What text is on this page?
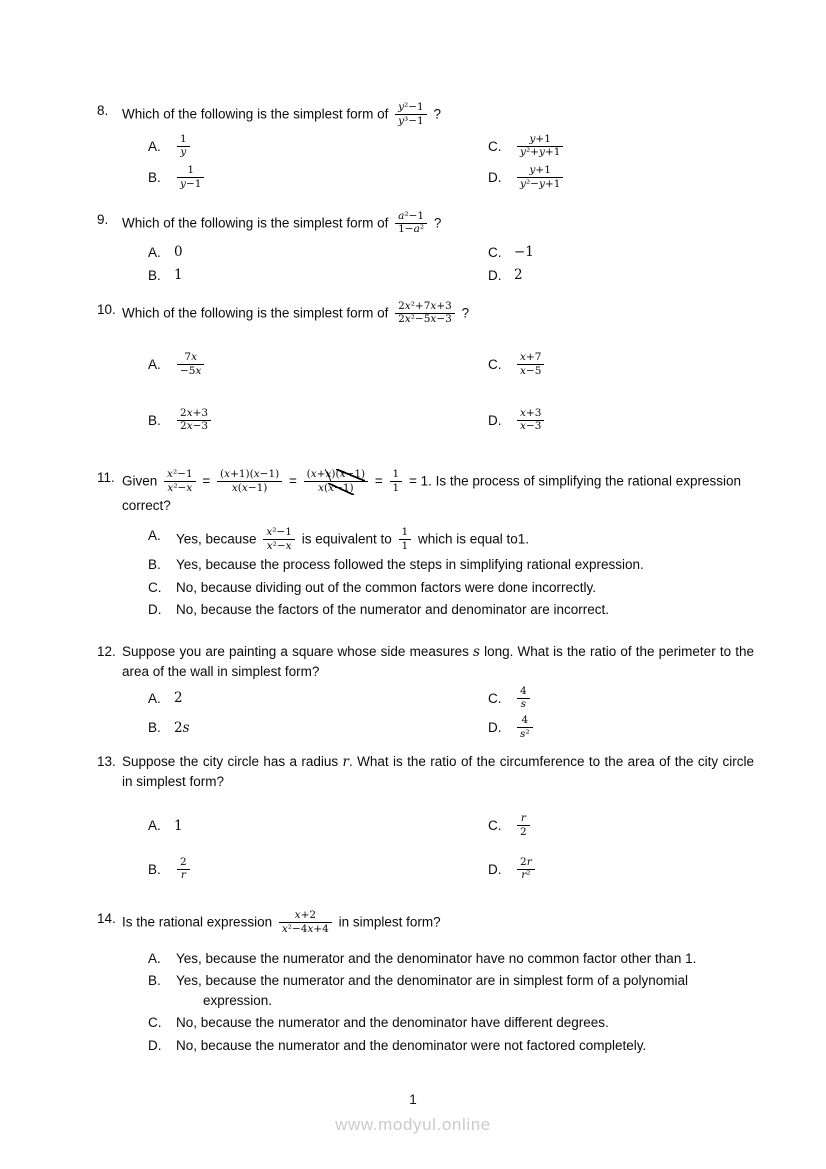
8.	Which of the following is the simplest form of $\frac{\text{y²−1}}{\text{y³−1}}$ ?
A.	$\frac{1}{y}$	C.	$\frac{y+1}{\text{y²+y+1}}$
B.	$\frac{1}{y-1}$	D.	$\frac{y+1}{\text{y²−y+1}}$
9.	Which of the following is the simplest form of $\frac{\text{a²−1}}{\text{1−a²}}$ ?
A. 0	C. −1
B. 1	D. 2
10. Which of the following is the simplest form of $\frac{\text{2x²+7x+3}}{\text{2x²−5x−3}}$ ?
A.	$\frac{7x}{-5x}$	C.	$\frac{x+7}{x-5}$
B.	$\frac{2x+3}{2x-3}$	D.	$\frac{x+3}{x-3}$
11. Given $\frac{\text{x²−1}}{\text{x²−x}} = \frac{(x+1)(x-1)}{x(x-1)} = \frac{(x+x)(x-1)}{x(x-1)} = \frac{1}{1} = 1$. Is the process of simplifying the rational expression correct?
A.	Yes, because $\frac{\text{x²−1}}{\text{x²−x}}$ is equivalent to $\frac{1}{1}$ which is equal to1.
B.	Yes, because the process followed the steps in simplifying rational expression.
C.	No, because dividing out of the common factors were done incorrectly.
D.	No, because the factors of the numerator and denominator are incorrect.
12. Suppose you are painting a square whose side measures s long. What is the ratio of the perimeter to the area of the wall in simplest form?
A. 2	C.	$\frac{4}{s}$
B. 2s	D.	$\frac{4}{\text{s²}}$
13. Suppose the city circle has a radius r. What is the ratio of the circumference to the area of the city circle in simplest form?
A. 1	C.	$\frac{r}{2}$
B.	$\frac{2}{r}$	D.	$\frac{2r}{\text{r²}}$
14. Is the rational expression $\frac{x+2}{\text{x²−4x+4}}$ in simplest form?
A.	Yes, because the numerator and the denominator have no common factor other than 1.
B.	Yes, because the numerator and the denominator are in simplest form of a polynomial expression.
C.	No, because the numerator and the denominator have different degrees.
D.	No, because the numerator and the denominator were not factored completely.
1
www.modyul.online
